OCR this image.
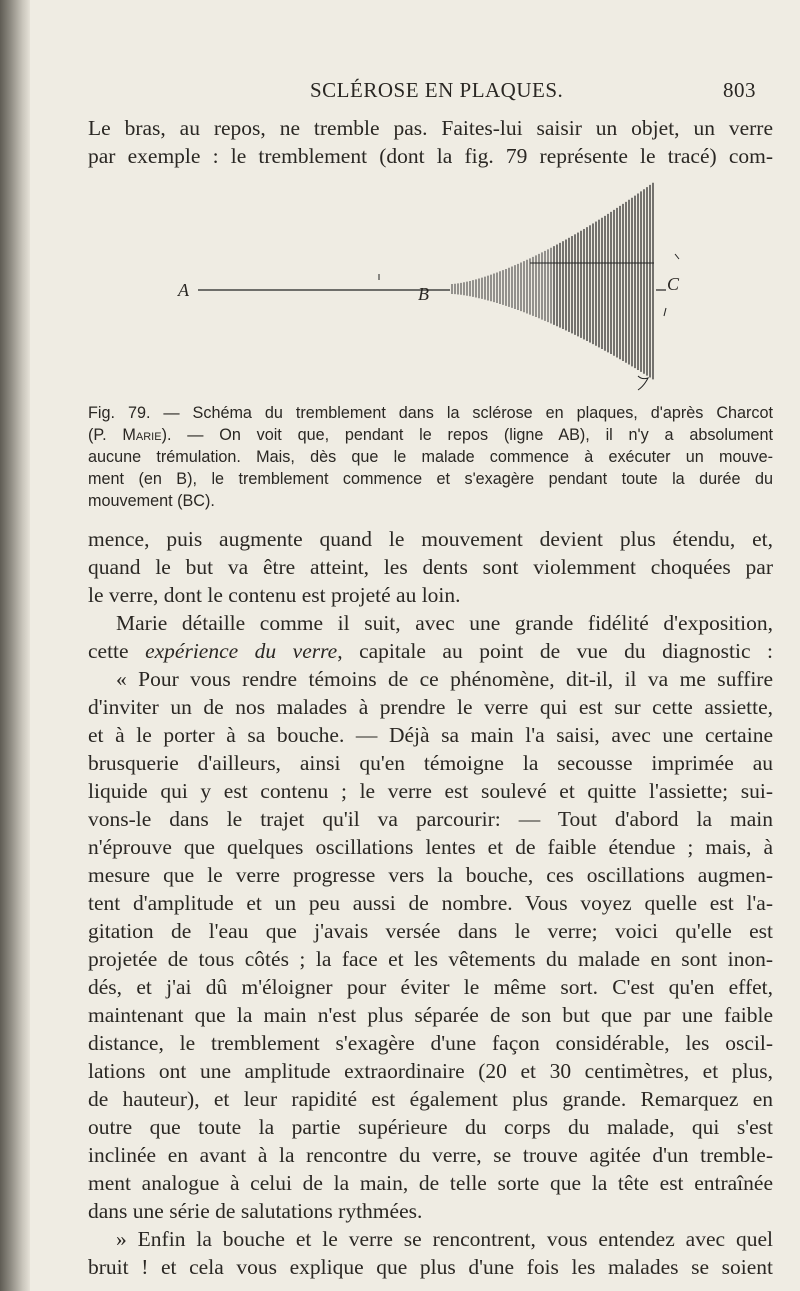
SCLÉROSE EN PLAQUES.	803
Le bras, au repos, ne tremble pas. Faites-lui saisir un objet, un verre
par exemple : le tremblement (dont la fig. 79 représente le tracé) com-
A	B	C
Fig. 79. — Schéma du tremblement dans la sclérose en plaques, d'après Charcot
(P. Marie). — On voit que, pendant le repos (ligne AB), il n'y a absolument
aucune trémulation. Mais, dès que le malade commence à exécuter un mouve-
ment (en B), le tremblement commence et s'exagère pendant toute la durée du
mouvement (BC).
mence, puis augmente quand le mouvement devient plus étendu, et,
quand le but va être atteint, les dents sont violemment choquées par
le verre, dont le contenu est projeté au loin.
Marie détaille comme il suit, avec une grande fidélité d'exposition,
cette expérience du verre, capitale au point de vue du diagnostic :
« Pour vous rendre témoins de ce phénomène, dit-il, il va me suffire
d'inviter un de nos malades à prendre le verre qui est sur cette assiette,
et à le porter à sa bouche. — Déjà sa main l'a saisi, avec une certaine
brusquerie d'ailleurs, ainsi qu'en témoigne la secousse imprimée au
liquide qui y est contenu ; le verre est soulevé et quitte l'assiette; sui-
vons-le dans le trajet qu'il va parcourir: — Tout d'abord la main
n'éprouve que quelques oscillations lentes et de faible étendue ; mais, à
mesure que le verre progresse vers la bouche, ces oscillations augmen-
tent d'amplitude et un peu aussi de nombre. Vous voyez quelle est l'a-
gitation de l'eau que j'avais versée dans le verre; voici qu'elle est
projetée de tous côtés ; la face et les vêtements du malade en sont inon-
dés, et j'ai dû m'éloigner pour éviter le même sort. C'est qu'en effet,
maintenant que la main n'est plus séparée de son but que par une faible
distance, le tremblement s'exagère d'une façon considérable, les oscil-
lations ont une amplitude extraordinaire (20 et 30 centimètres, et plus,
de hauteur), et leur rapidité est également plus grande. Remarquez en
outre que toute la partie supérieure du corps du malade, qui s'est
inclinée en avant à la rencontre du verre, se trouve agitée d'un tremble-
ment analogue à celui de la main, de telle sorte que la tête est entraînée
dans une série de salutations rythmées.
» Enfin la bouche et le verre se rencontrent, vous entendez avec quel
bruit ! et cela vous explique que plus d'une fois les malades se soient
